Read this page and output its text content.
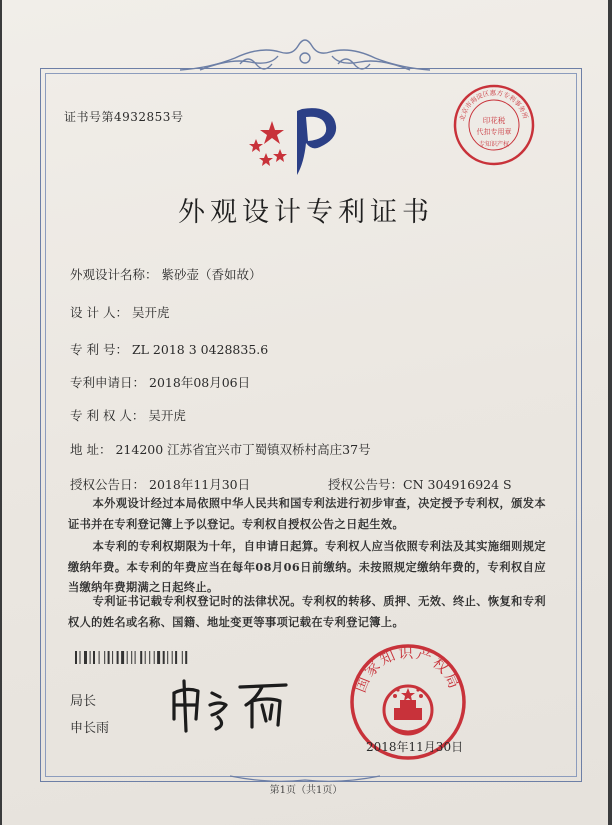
证书号第4932853号	北京市海淀区惠方专利事务所
印花税
代扣专用章
专知识产权
外观设计专利证书
外观设计名称： 紫砂壶（香如故）
设 计 人： 吴开虎
专 利 号： ZL 2018 3 0428835.6
专利申请日： 2018年08月06日
专 利 权 人： 吴开虎
地 址： 214200 江苏省宜兴市丁蜀镇双桥村高庄37号
授权公告日： 2018年11月30日	授权公告号：CN 304916924 S

本外观设计经过本局依照中华人民共和国专利法进行初步审查，决定授予专利权，颁发本证书并在专利登记簿上予以登记。专利权自授权公告之日起生效。

本专利的专利权期限为十年，自申请日起算。专利权人应当依照专利法及其实施细则规定缴纳年费。本专利的年费应当在每年08月06日前缴纳。未按照规定缴纳年费的，专利权自应当缴纳年费期满之日起终止。

专利证书记载专利权登记时的法律状况。专利权的转移、质押、无效、终止、恢复和专利权人的姓名或名称、国籍、地址变更等事项记载在专利登记簿上。

局长
申长雨
国家知识产权局
2018年11月30日
第1页（共1页）
